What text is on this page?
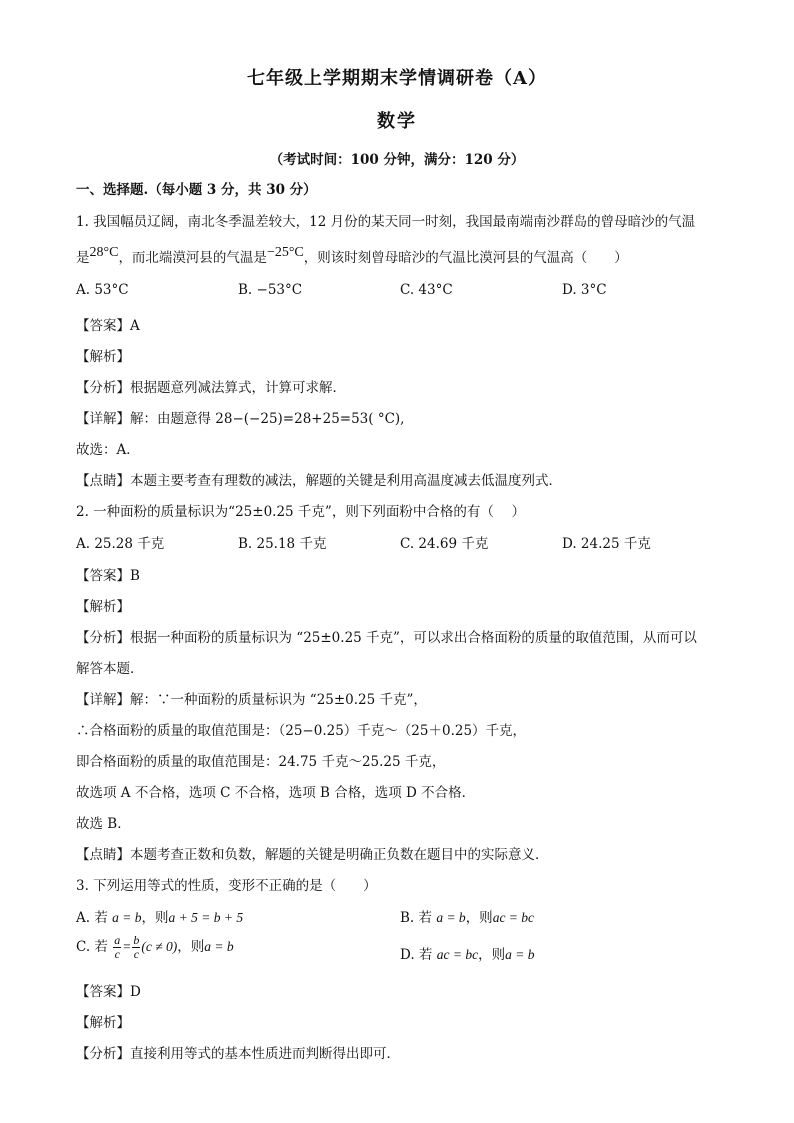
七年级上学期期末学情调研卷（A）
数学
（考试时间：100 分钟，满分：120 分）
一、选择题.（每小题 3 分，共 30 分）
1. 我国幅员辽阔，南北冬季温差较大，12 月份的某天同一时刻，我国最南端南沙群岛的曾母暗沙的气温
是28°C，而北端漠河县的气温是−25°C，则该时刻曾母暗沙的气温比漠河县的气温高（　　）
A. 53°C	B. −53°C	C. 43°C	D. 3°C
【答案】A
【解析】
【分析】根据题意列减法算式，计算可求解．
【详解】解：由题意得 28−(−25)=28+25=53( °C),
故选：A．
【点睛】本题主要考查有理数的减法，解题的关键是利用高温度减去低温度列式．
2. 一种面粉的质量标识为“25±0.25 千克”，则下列面粉中合格的有（　 ）
A. 25.28 千克	B. 25.18 千克	C. 24.69 千克	D. 24.25 千克
【答案】B
【解析】
【分析】根据一种面粉的质量标识为 “25±0.25 千克”，可以求出合格面粉的质量的取值范围，从而可以
解答本题．
【详解】解：∵一种面粉的质量标识为 “25±0.25 千克”，
∴合格面粉的质量的取值范围是：（25−0.25）千克～（25＋0.25）千克，
即合格面粉的质量的取值范围是：24.75 千克～25.25 千克，
故选项 A 不合格，选项 C 不合格，选项 B 合格，选项 D 不合格．
故选 B．
【点睛】本题考查正数和负数，解题的关键是明确正负数在题目中的实际意义．
3. 下列运用等式的性质，变形不正确的是（　　）
A. 若 a = b，则a + 5 = b + 5	B. 若 a = b，则ac = bc
C. 若 $\frac{a}{c} = \frac{b}{c} (c \ne 0)$，则a = b
D. 若 ac = bc，则a = b
【答案】D
【解析】
【分析】直接利用等式的基本性质进而判断得出即可．
